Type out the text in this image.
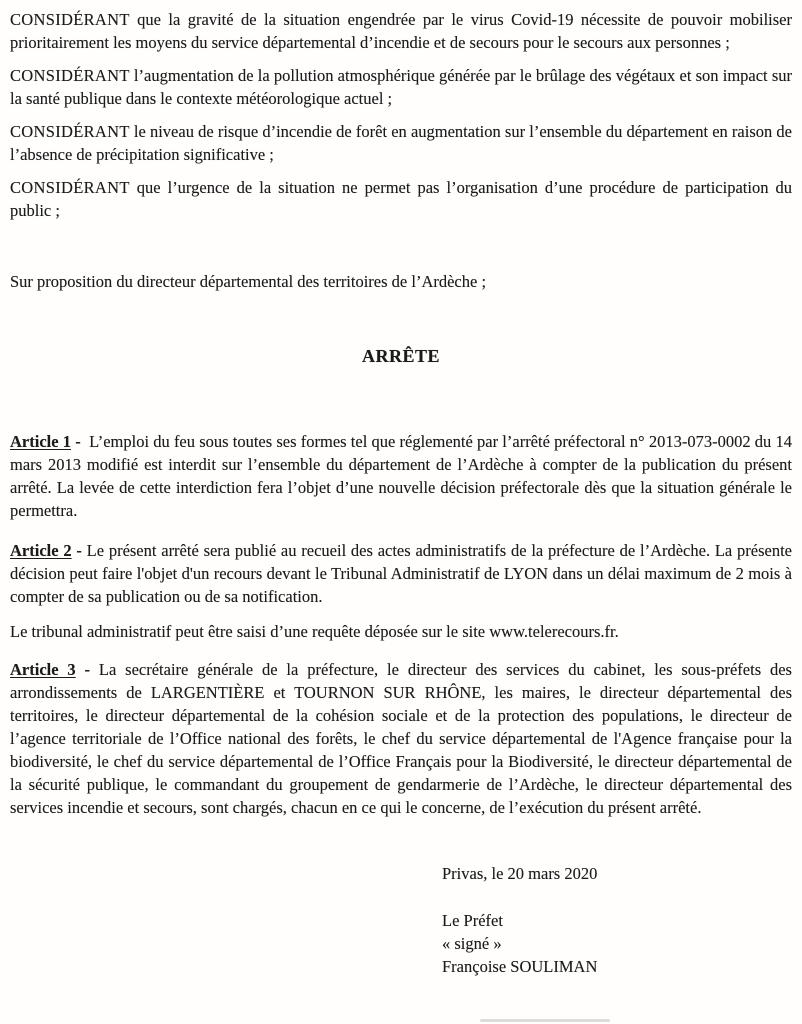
CONSIDÉRANT que la gravité de la situation engendrée par le virus Covid-19 nécessite de pouvoir mobiliser prioritairement les moyens du service départemental d’incendie et de secours pour le secours aux personnes ;

CONSIDÉRANT l’augmentation de la pollution atmosphérique générée par le brûlage des végétaux et son impact sur la santé publique dans le contexte météorologique actuel ;

CONSIDÉRANT le niveau de risque d’incendie de forêt en augmentation sur l’ensemble du département en raison de l’absence de précipitation significative ;

CONSIDÉRANT que l’urgence de la situation ne permet pas l’organisation d’une procédure de participation du public ;

Sur proposition du directeur départemental des territoires de l’Ardèche ;

ARRÊTE

Article 1 -  L’emploi du feu sous toutes ses formes tel que réglementé par l’arrêté préfectoral n° 2013-073-0002 du 14 mars 2013 modifié est interdit sur l’ensemble du département de l’Ardèche à compter de la publication du présent arrêté. La levée de cette interdiction fera l’objet d’une nouvelle décision préfectorale dès que la situation générale le permettra.

Article 2 - Le présent arrêté sera publié au recueil des actes administratifs de la préfecture de l’Ardèche. La présente décision peut faire l'objet d'un recours devant le Tribunal Administratif de LYON dans un délai maximum de 2 mois à compter de sa publication ou de sa notification.

Le tribunal administratif peut être saisi d’une requête déposée sur le site www.telerecours.fr.

Article 3 - La secrétaire générale de la préfecture, le directeur des services du cabinet, les sous-préfets des arrondissements de LARGENTIÈRE et TOURNON SUR RHÔNE, les maires, le directeur départemental des territoires, le directeur départemental de la cohésion sociale et de la protection des populations, le directeur de l’agence territoriale de l’Office national des forêts, le chef du service départemental de l'Agence française pour la biodiversité, le chef du service départemental de l’Office Français pour la Biodiversité, le directeur départemental de la sécurité publique, le commandant du groupement de gendarmerie de l’Ardèche, le directeur départemental des services incendie et secours, sont chargés, chacun en ce qui le concerne, de l’exécution du présent arrêté.

Privas, le 20 mars 2020

Le Préfet

« signé »

Françoise SOULIMAN
